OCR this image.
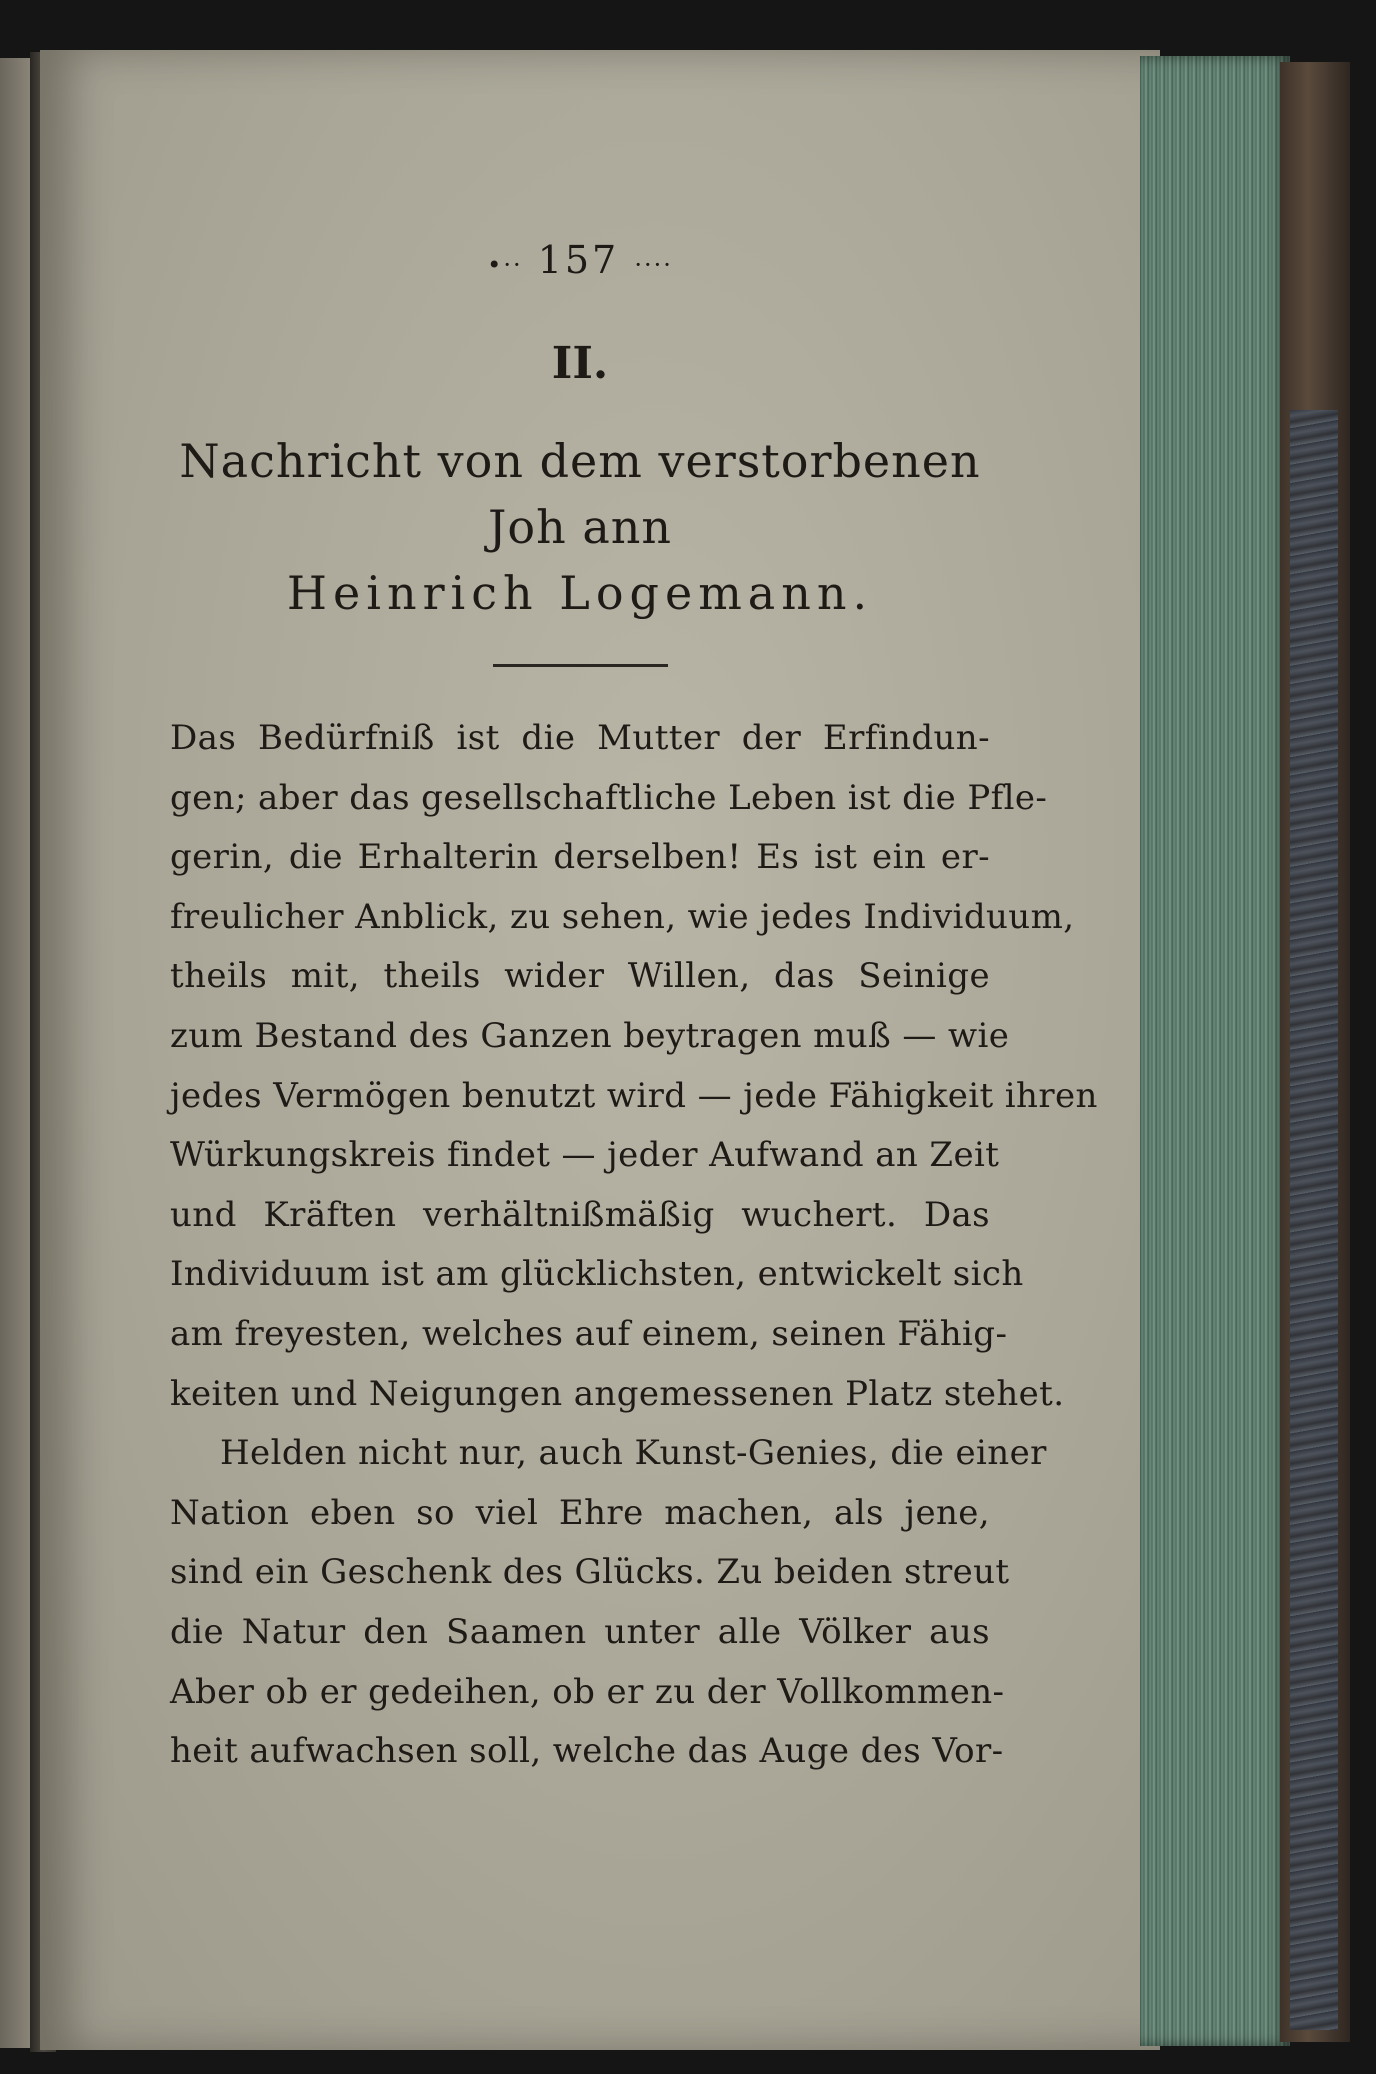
•·· 157 ····
II.
Nachricht von dem verstorbenen Joh ann
Heinrich Logemann.
Das Bedürfniß ist die Mutter der Erfindun-
gen; aber das gesellschaftliche Leben ist die Pfle-
gerin, die Erhalterin derselben! Es ist ein er-
freulicher Anblick, zu sehen, wie jedes Individuum,
theils mit, theils wider Willen, das Seinige
zum Bestand des Ganzen beytragen muß — wie
jedes Vermögen benutzt wird — jede Fähigkeit ihren
Würkungskreis findet — jeder Aufwand an Zeit
und Kräften verhältnißmäßig wuchert. Das
Individuum ist am glücklichsten, entwickelt sich
am freyesten, welches auf einem, seinen Fähig-
keiten und Neigungen angemessenen Platz stehet.
Helden nicht nur, auch Kunst-Genies, die einer
Nation eben so viel Ehre machen, als jene,
sind ein Geschenk des Glücks. Zu beiden streut
die Natur den Saamen unter alle Völker aus
Aber ob er gedeihen, ob er zu der Vollkommen-
heit aufwachsen soll, welche das Auge des Vor-
